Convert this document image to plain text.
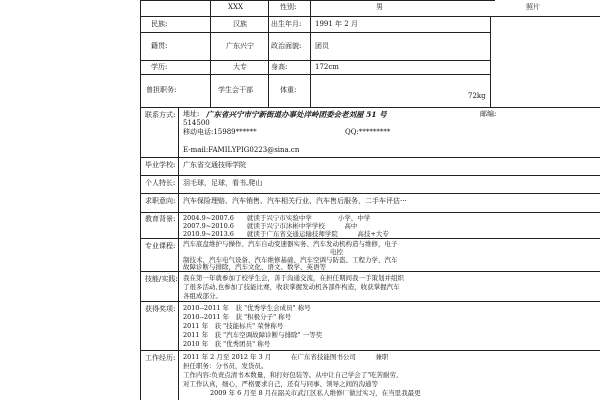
XXX	性别:	男	照片
民族:	汉族	出生年月: 1991 年 2 月
籍贯:	广东兴宁 政治面貌: 团员
学历:	大专	身高:	172cm
曾担职务:	学生会干部	体重:
72kg
联系方式: 地址: 广东省兴宁市宁新街道办事处洋岭团委会老刘屋 51 号	邮编:
514500
移动电话:15989******	QQ:*********
E-mail:FAMILYPIG0223@sina.cn
毕业学校: 广东省交通技师学院
个人特长: 羽毛球，足球，看书,爬山
求职意向: 汽车保险理赔、汽车销售、汽车相关行业、汽车售后服务，二手车评估···
教育背景: 2004.9~2007.6　　就读于兴宁市实验中学　　　　小学，中学
2007.9~2010.6　　就读于兴宁市沐彬中学学校　　　高中
2010.9~2013.6　　就读于广东省交通运输技师学院　　　高技+大专
专业课程: 汽车底盘维护与操作、汽车自动变速器实务、汽车发动机构造与维修，电子
电控
制技术、汽车电气设备、汽车维修基础、汽车空调与防盗、工程力学、汽车
故障诊断与排除，汽车文化、语文、数学、英语等
技能/实践: 我在第一年就参加了校学生会，善于沟通交流，在担任期间我一手策划并组织
了很多活动,也参加了技能比赛，收获掌握发动机各部件构造，收获掌握汽车
各组成部分。
获得奖项: 2010--2011 年　获 "优秀学生会成员" 称号
2010--2011 年　获 "积极分子" 称号
2011 年　获 "技能标兵" 荣誉称号
2011 年　获 "汽车空调故障诊断与排除" 一等奖
2010 年　获 "优秀团员" 称号
工作经历: 2011 年 2 月至 2012 年 3 月　　　在广东省技能图书公司　　　兼职
担任职务：分书员，发货员。
工作内容:负责点清书本数量，和打好包装等。从中让自己学会了"吃苦耐劳,
对工作认真，细心，严格要求自己，还有与同事、领导之间的沟通等
2009 年 6 月至 8 月在韶关市武江区私人维修厂做过实习，在当里我最更
